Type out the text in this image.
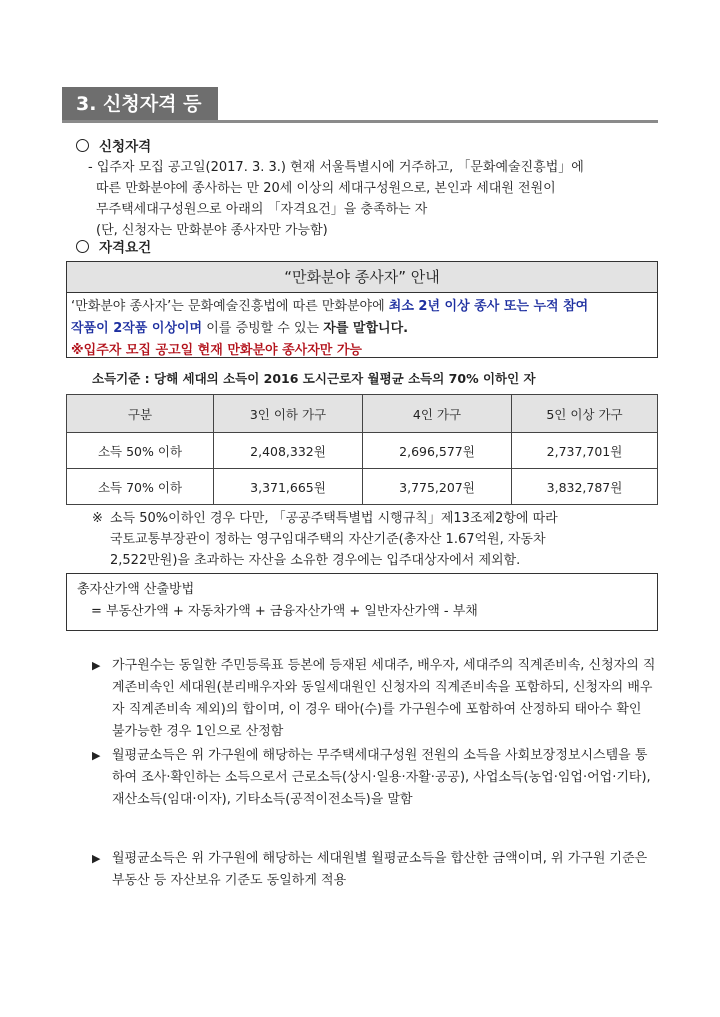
3. 신청자격 등
신청자격
- 입주자 모집 공고일(2017. 3. 3.) 현재 서울특별시에 거주하고, 「문화예술진흥법」에
따른 만화분야에 종사하는 만 20세 이상의 세대구성원으로, 본인과 세대원 전원이
무주택세대구성원으로 아래의 「자격요건」을 충족하는 자
(단, 신청자는 만화분야 종사자만 가능함)
자격요건
“만화분야 종사자” 안내
‘만화분야 종사자’는 문화예술진흥법에 따른 만화분야에 최소 2년 이상 종사 또는 누적 참여
작품이 2작품 이상이며 이를 증빙할 수 있는 자를 말합니다.
※입주자 모집 공고일 현재 만화분야 종사자만 가능
소득기준 : 당해 세대의 소득이 2016 도시근로자 월평균 소득의 70% 이하인 자
구분	3인 이하 가구	4인 가구	5인 이상 가구
소득 50% 이하	2,408,332원	2,696,577원	2,737,701원
소득 70% 이하	3,371,665원	3,775,207원	3,832,787원
※ 소득 50%이하인 경우 다만, 「공공주택특별법 시행규칙」제13조제2항에 따라
국토교통부장관이 정하는 영구임대주택의 자산기준(총자산 1.67억원, 자동차
2,522만원)을 초과하는 자산을 소유한 경우에는 입주대상자에서 제외함.
총자산가액 산출방법
= 부동산가액 + 자동차가액 + 금융자산가액 + 일반자산가액 - 부채
▶ 가구원수는 동일한 주민등록표 등본에 등재된 세대주, 배우자, 세대주의 직계존비속, 신청자의 직계존비속인 세대원(분리배우자와 동일세대원인 신청자의 직계존비속을 포함하되, 신청자의 배우자 직계존비속 제외)의 합이며, 이 경우 태아(수)를 가구원수에 포함하여 산정하되 태아수 확인 불가능한 경우 1인으로 산정함
▶ 월평균소득은 위 가구원에 해당하는 무주택세대구성원 전원의 소득을 사회보장정보시스템을 통하여 조사·확인하는 소득으로서 근로소득(상시·일용·자활·공공), 사업소득(농업·임업·어업·기타), 재산소득(임대·이자), 기타소득(공적이전소득)을 말함
▶ 월평균소득은 위 가구원에 해당하는 세대원별 월평균소득을 합산한 금액이며, 위 가구원 기준은 부동산 등 자산보유 기준도 동일하게 적용
